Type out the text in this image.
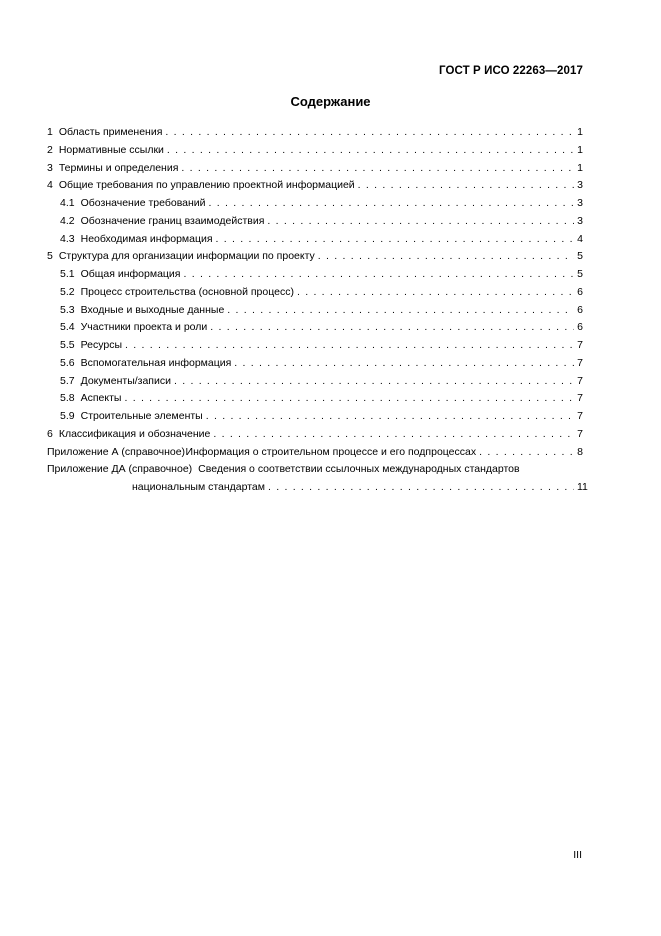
ГОСТ Р ИСО 22263—2017
Содержание
1 Область применения . . .	1
2 Нормативные ссылки . . .	1
3 Термины и определения . . .	1
4 Общие требования по управлению проектной информацией . . .	3
4.1 Обозначение требований . . .	3
4.2 Обозначение границ взаимодействия . . .	3
4.3 Необходимая информация . . .	4
5 Структура для организации информации по проекту . . .	5
5.1 Общая информация . . .	5
5.2 Процесс строительства (основной процесс) . . .	6
5.3 Входные и выходные данные . . .	6
5.4 Участники проекта и роли . . .	6
5.5 Ресурсы . . .	7
5.6 Вспомогательная информация . . .	7
5.7 Документы/записи . . .	7
5.8 Аспекты . . .	7
5.9 Строительные элементы . . .	7
6 Классификация и обозначение . . .	7
Приложение А (справочное) Информация о строительном процессе и его подпроцессах . . .	8
Приложение ДА (справочное) Сведения о соответствии ссылочных международных стандартов
национальным стандартам . . .	11
III
